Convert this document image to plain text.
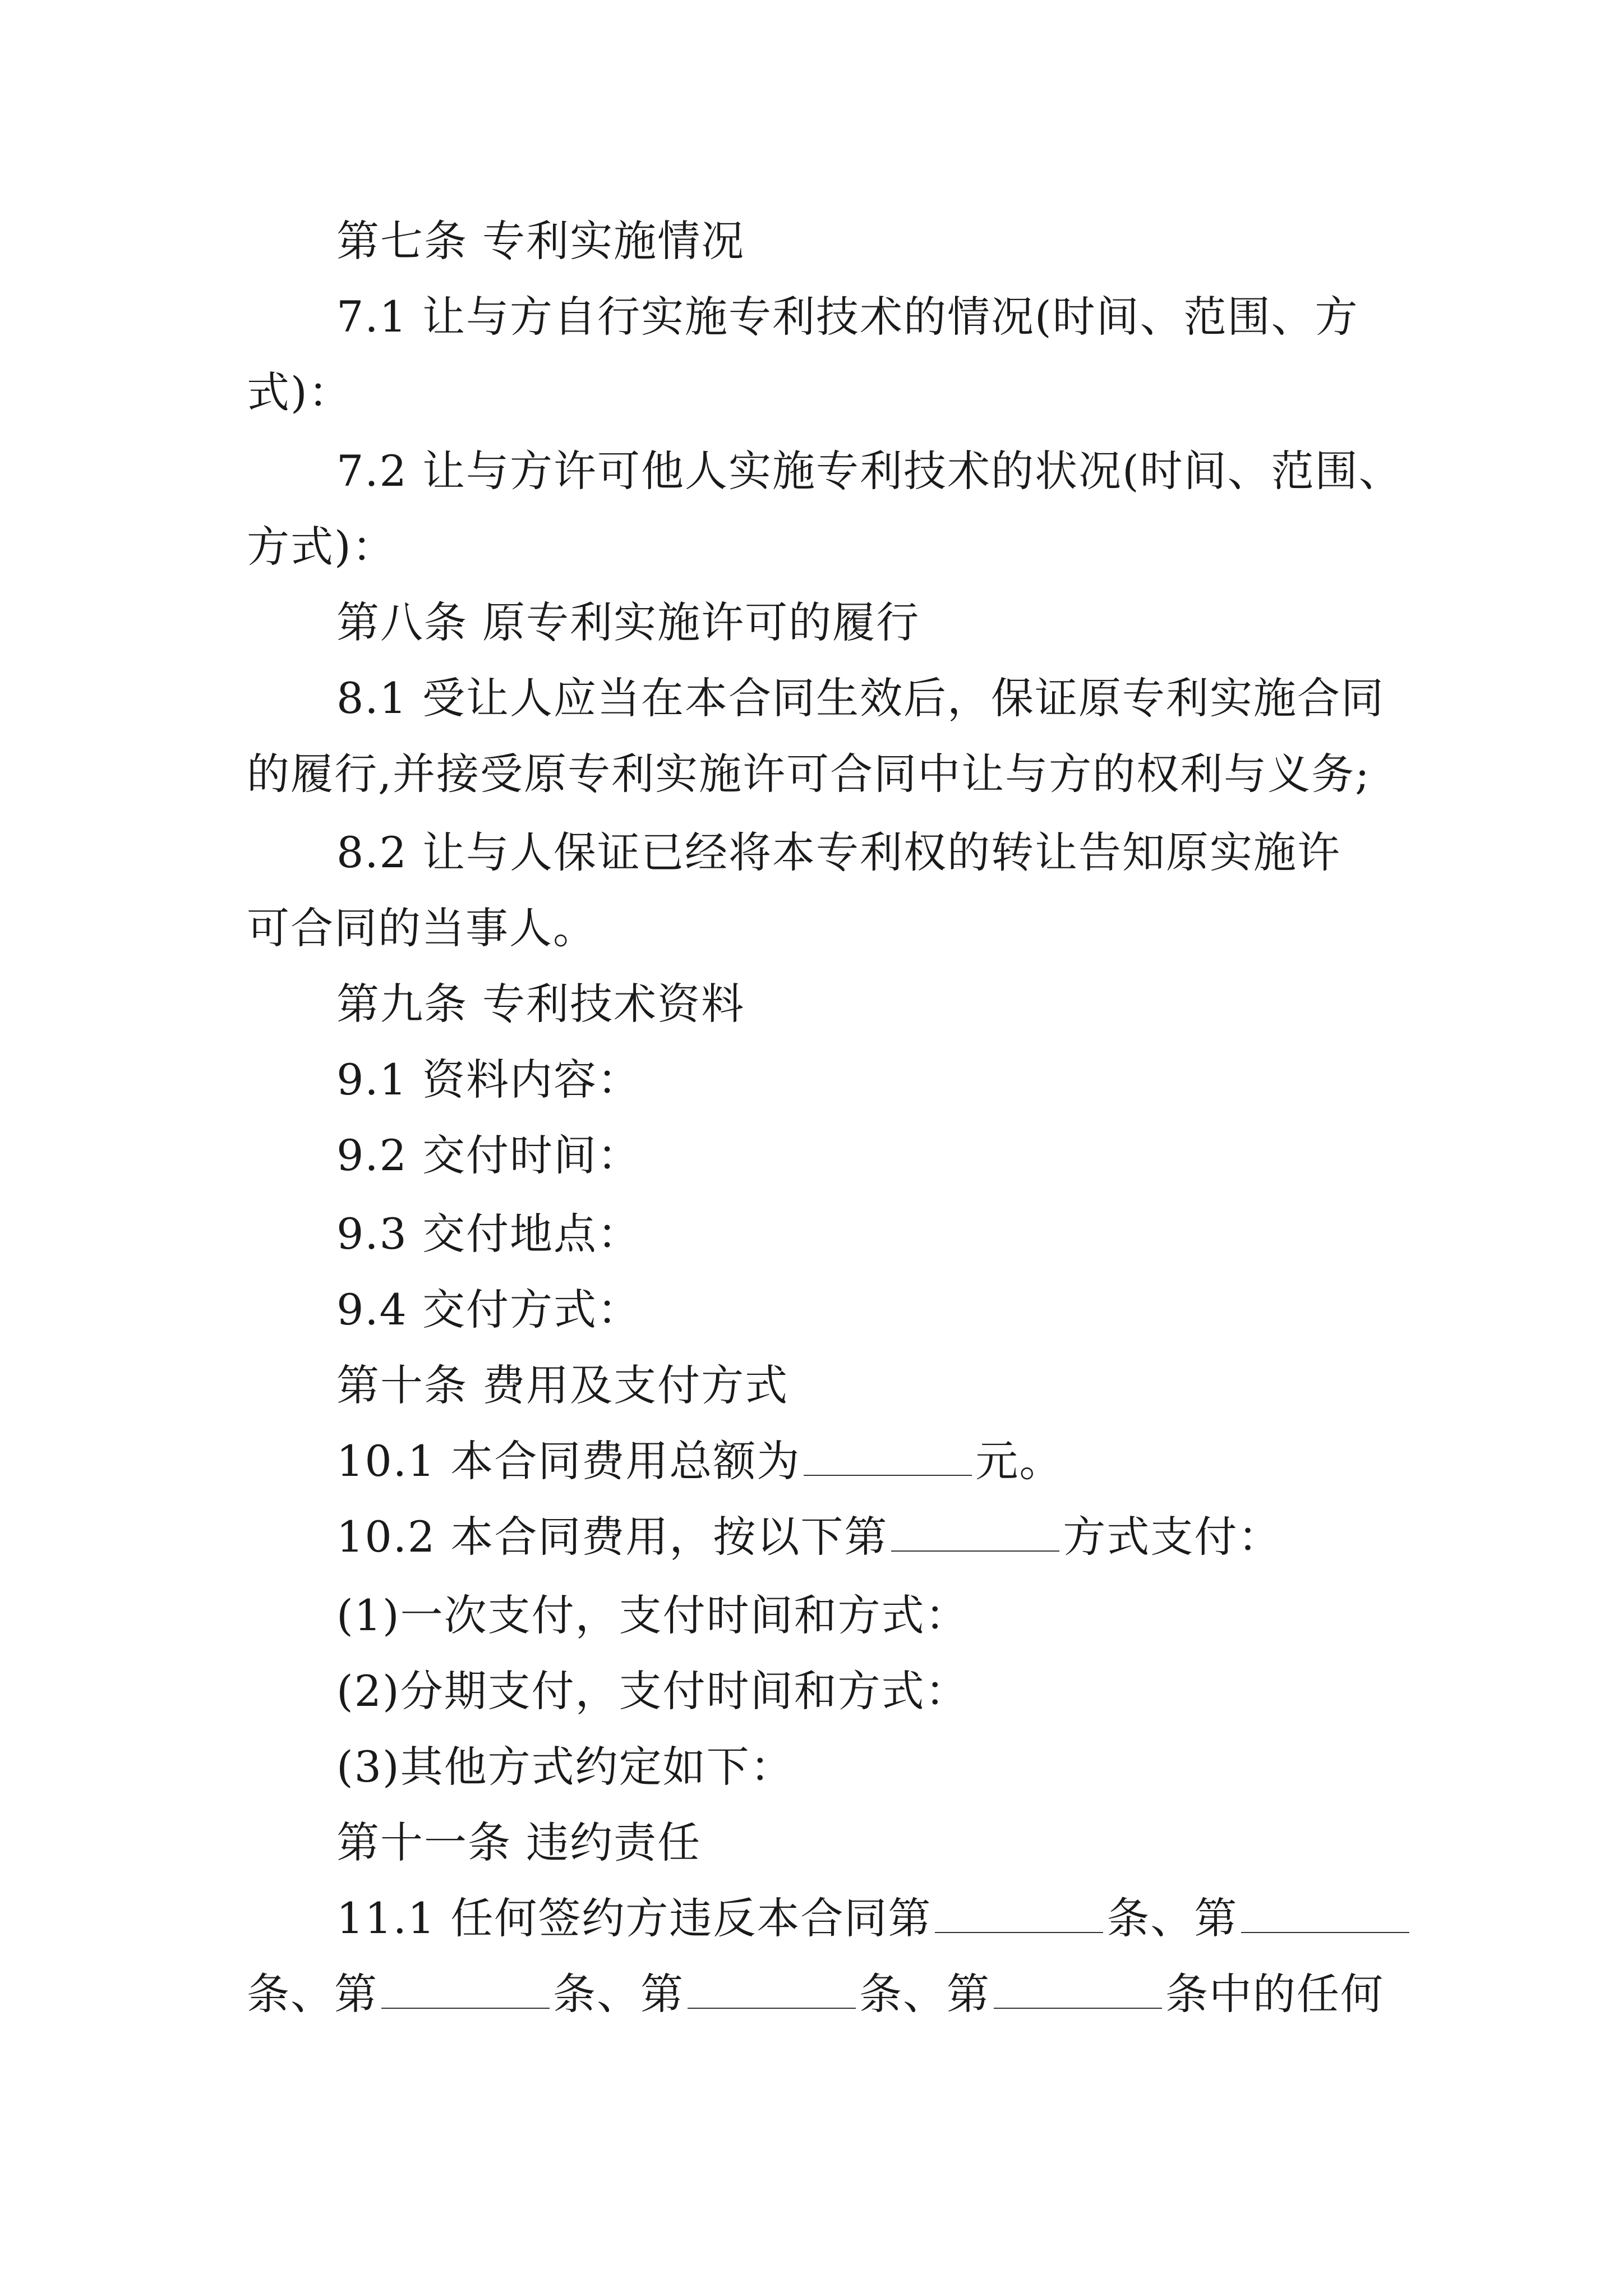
第七条 专利实施情况
7.1 让与方自行实施专利技术的情况(时间、范围、方
式)：
7.2 让与方许可他人实施专利技术的状况(时间、范围、
方式)：
第八条 原专利实施许可的履行
8.1 受让人应当在本合同生效后，保证原专利实施合同
的履行,并接受原专利实施许可合同中让与方的权利与义务;
8.2 让与人保证已经将本专利权的转让告知原实施许
可合同的当事人。
第九条 专利技术资料
9.1 资料内容：
9.2 交付时间：
9.3 交付地点：
9.4 交付方式：
第十条 费用及支付方式
10.1 本合同费用总额为	元。
10.2 本合同费用，按以下第	方式支付：
(1)一次支付，支付时间和方式：
(2)分期支付，支付时间和方式：
(3)其他方式约定如下：
第十一条 违约责任
11.1 任何签约方违反本合同第	条、第
条、第	条、第	条、第	条中的任何
